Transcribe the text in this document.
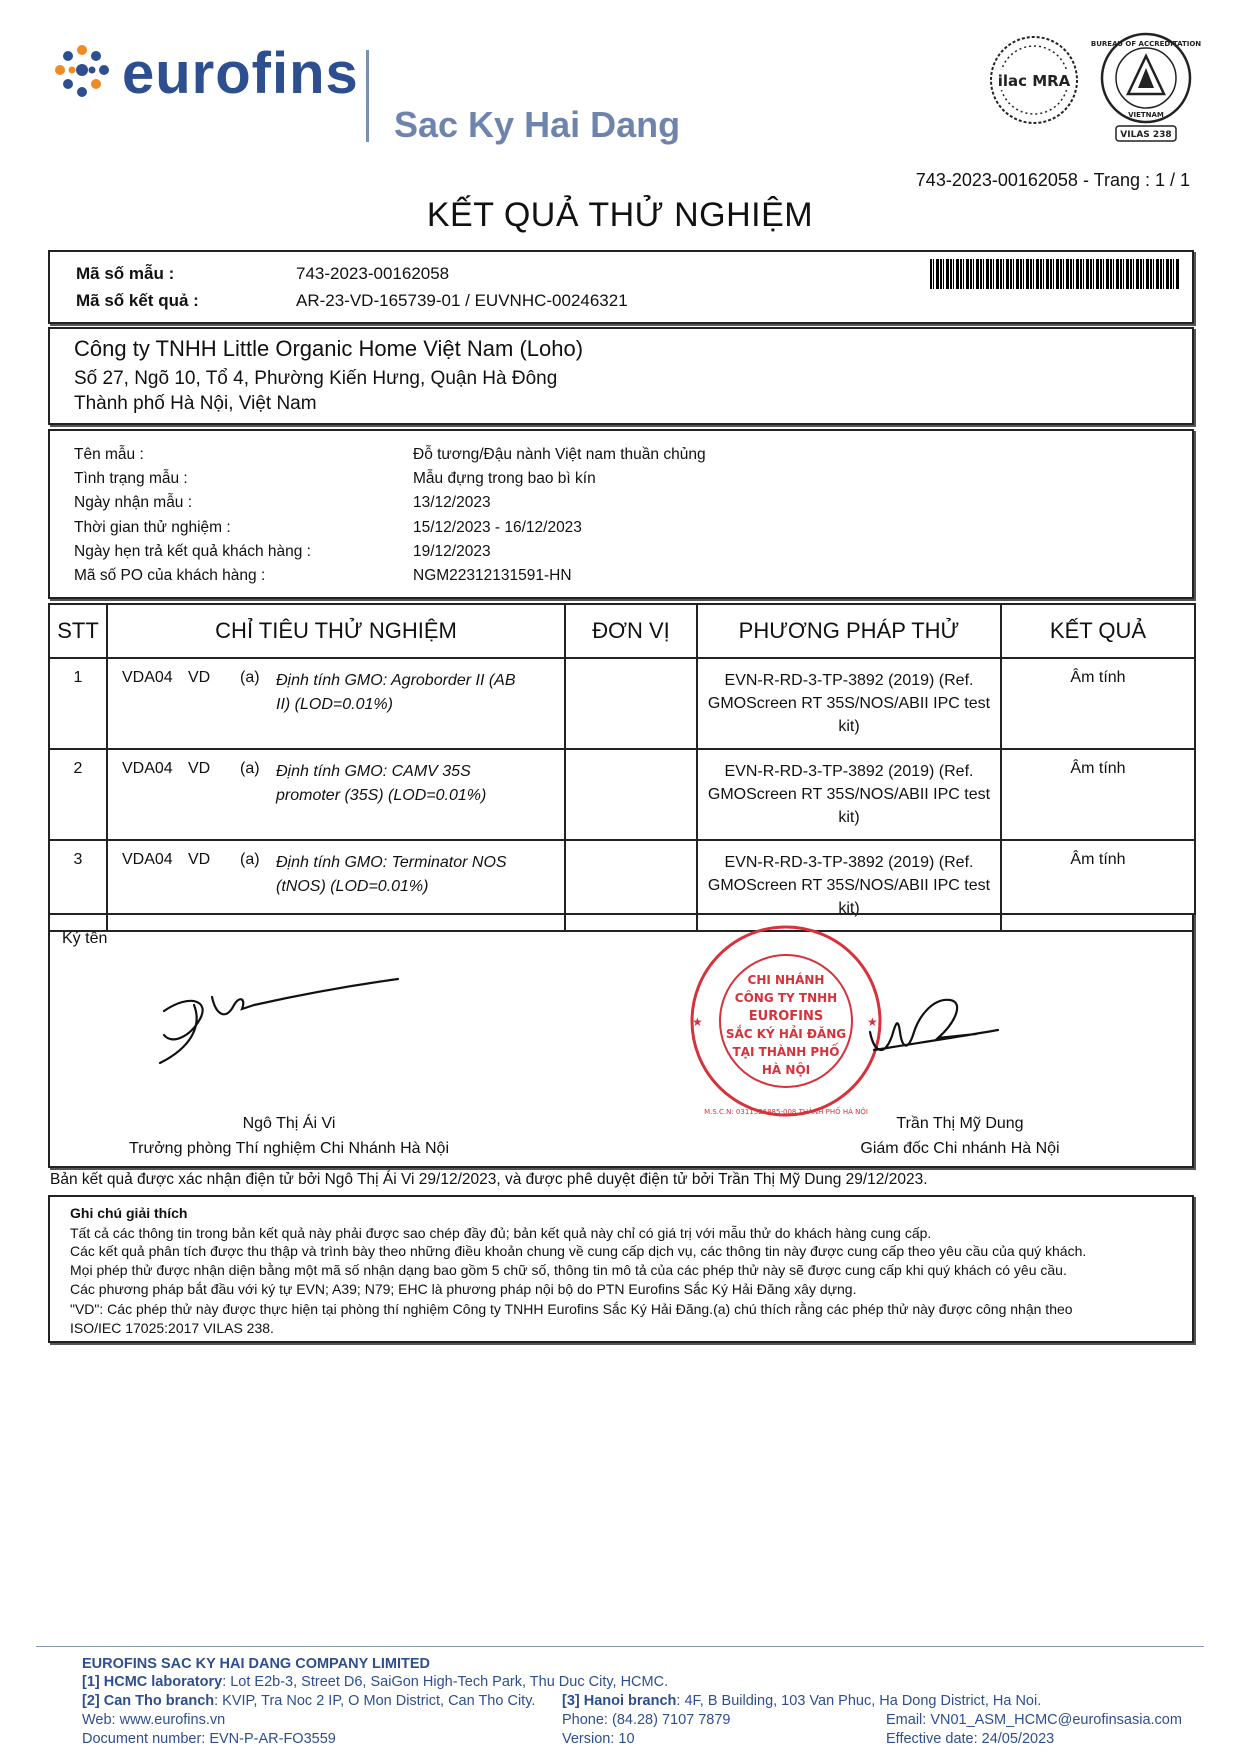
eurofins
Sac Ky Hai Dang
ilac MRA
BUREAU OF ACCREDITATION
VIETNAM
VILAS 238
743-2023-00162058 - Trang : 1 / 1
KẾT QUẢ THỬ NGHIỆM
Mã số mẫu :	743-2023-00162058
Mã số kết quả :	AR-23-VD-165739-01 / EUVNHC-00246321
Công ty TNHH Little Organic Home Việt Nam (Loho)
Số 27, Ngõ 10, Tổ 4, Phường Kiến Hưng, Quận Hà Đông
Thành phố Hà Nội, Việt Nam
Tên mẫu :	Đỗ tương/Đậu nành Việt nam thuần chủng
Tình trạng mẫu :	Mẫu đựng trong bao bì kín
Ngày nhận mẫu :	13/12/2023
Thời gian thử nghiệm :	15/12/2023 - 16/12/2023
Ngày hẹn trả kết quả khách hàng :	19/12/2023
Mã số PO của khách hàng :	NGM22312131591-HN
STT	CHỈ TIÊU THỬ NGHIỆM	ĐƠN VỊ	PHƯƠNG PHÁP THỬ	KẾT QUẢ
1	VDA04 VD (a) Định tính GMO: Agroborder II (AB II) (LOD=0.01%)		EVN-R-RD-3-TP-3892 (2019) (Ref. GMOScreen RT 35S/NOS/ABII IPC test kit)	Âm tính
2	VDA04 VD (a) Định tính GMO: CAMV 35S promoter (35S) (LOD=0.01%)		EVN-R-RD-3-TP-3892 (2019) (Ref. GMOScreen RT 35S/NOS/ABII IPC test kit)	Âm tính
3	VDA04 VD (a) Định tính GMO: Terminator NOS (tNOS) (LOD=0.01%)		EVN-R-RD-3-TP-3892 (2019) (Ref. GMOScreen RT 35S/NOS/ABII IPC test kit)	Âm tính
Ký tên
Ngô Thị Ái Vi
Trưởng phòng Thí nghiệm Chi Nhánh Hà Nội
★	★
CHI NHÁNH
CÔNG TY TNHH
EUROFINS
SẮC KÝ HẢI ĐĂNG
TẠI THÀNH PHỐ
HÀ NỘI
M.S.C.N: 0311526885-008 THÀNH PHỐ HÀ NỘI
Trần Thị Mỹ Dung
Giám đốc Chi nhánh Hà Nội
Bản kết quả được xác nhận điện tử bởi Ngô Thị Ái Vi 29/12/2023, và được phê duyệt điện tử bởi Trần Thị Mỹ Dung 29/12/2023.
Ghi chú giải thích
Tất cả các thông tin trong bản kết quả này phải được sao chép đầy đủ; bản kết quả này chỉ có giá trị với mẫu thử do khách hàng cung cấp.
Các kết quả phân tích được thu thập và trình bày theo những điều khoản chung về cung cấp dịch vụ, các thông tin này được cung cấp theo yêu cầu của quý khách.
Mọi phép thử được nhận diện bằng một mã số nhận dạng bao gồm 5 chữ số, thông tin mô tả của các phép thử này sẽ được cung cấp khi quý khách có yêu cầu.
Các phương pháp bắt đầu với ký tự EVN; A39; N79; EHC là phương pháp nội bộ do PTN Eurofins Sắc Ký Hải Đăng xây dựng.
"VD": Các phép thử này được thực hiện tại phòng thí nghiệm Công ty TNHH Eurofins Sắc Ký Hải Đăng.(a) chú thích rằng các phép thử này được công nhận theo
ISO/IEC 17025:2017 VILAS 238.
EUROFINS SAC KY HAI DANG COMPANY LIMITED
[1] HCMC laboratory: Lot E2b-3, Street D6, SaiGon High-Tech Park, Thu Duc City, HCMC.
[2] Can Tho branch: KVIP, Tra Noc 2 IP, O Mon District, Can Tho City. [3] Hanoi branch: 4F, B Building, 103 Van Phuc, Ha Dong District, Ha Noi.
Web: www.eurofins.vn	Phone: (84.28) 7107 7879	Email: VN01_ASM_HCMC@eurofinsasia.com
Document number: EVN-P-AR-FO3559	Version: 10	Effective date: 24/05/2023
